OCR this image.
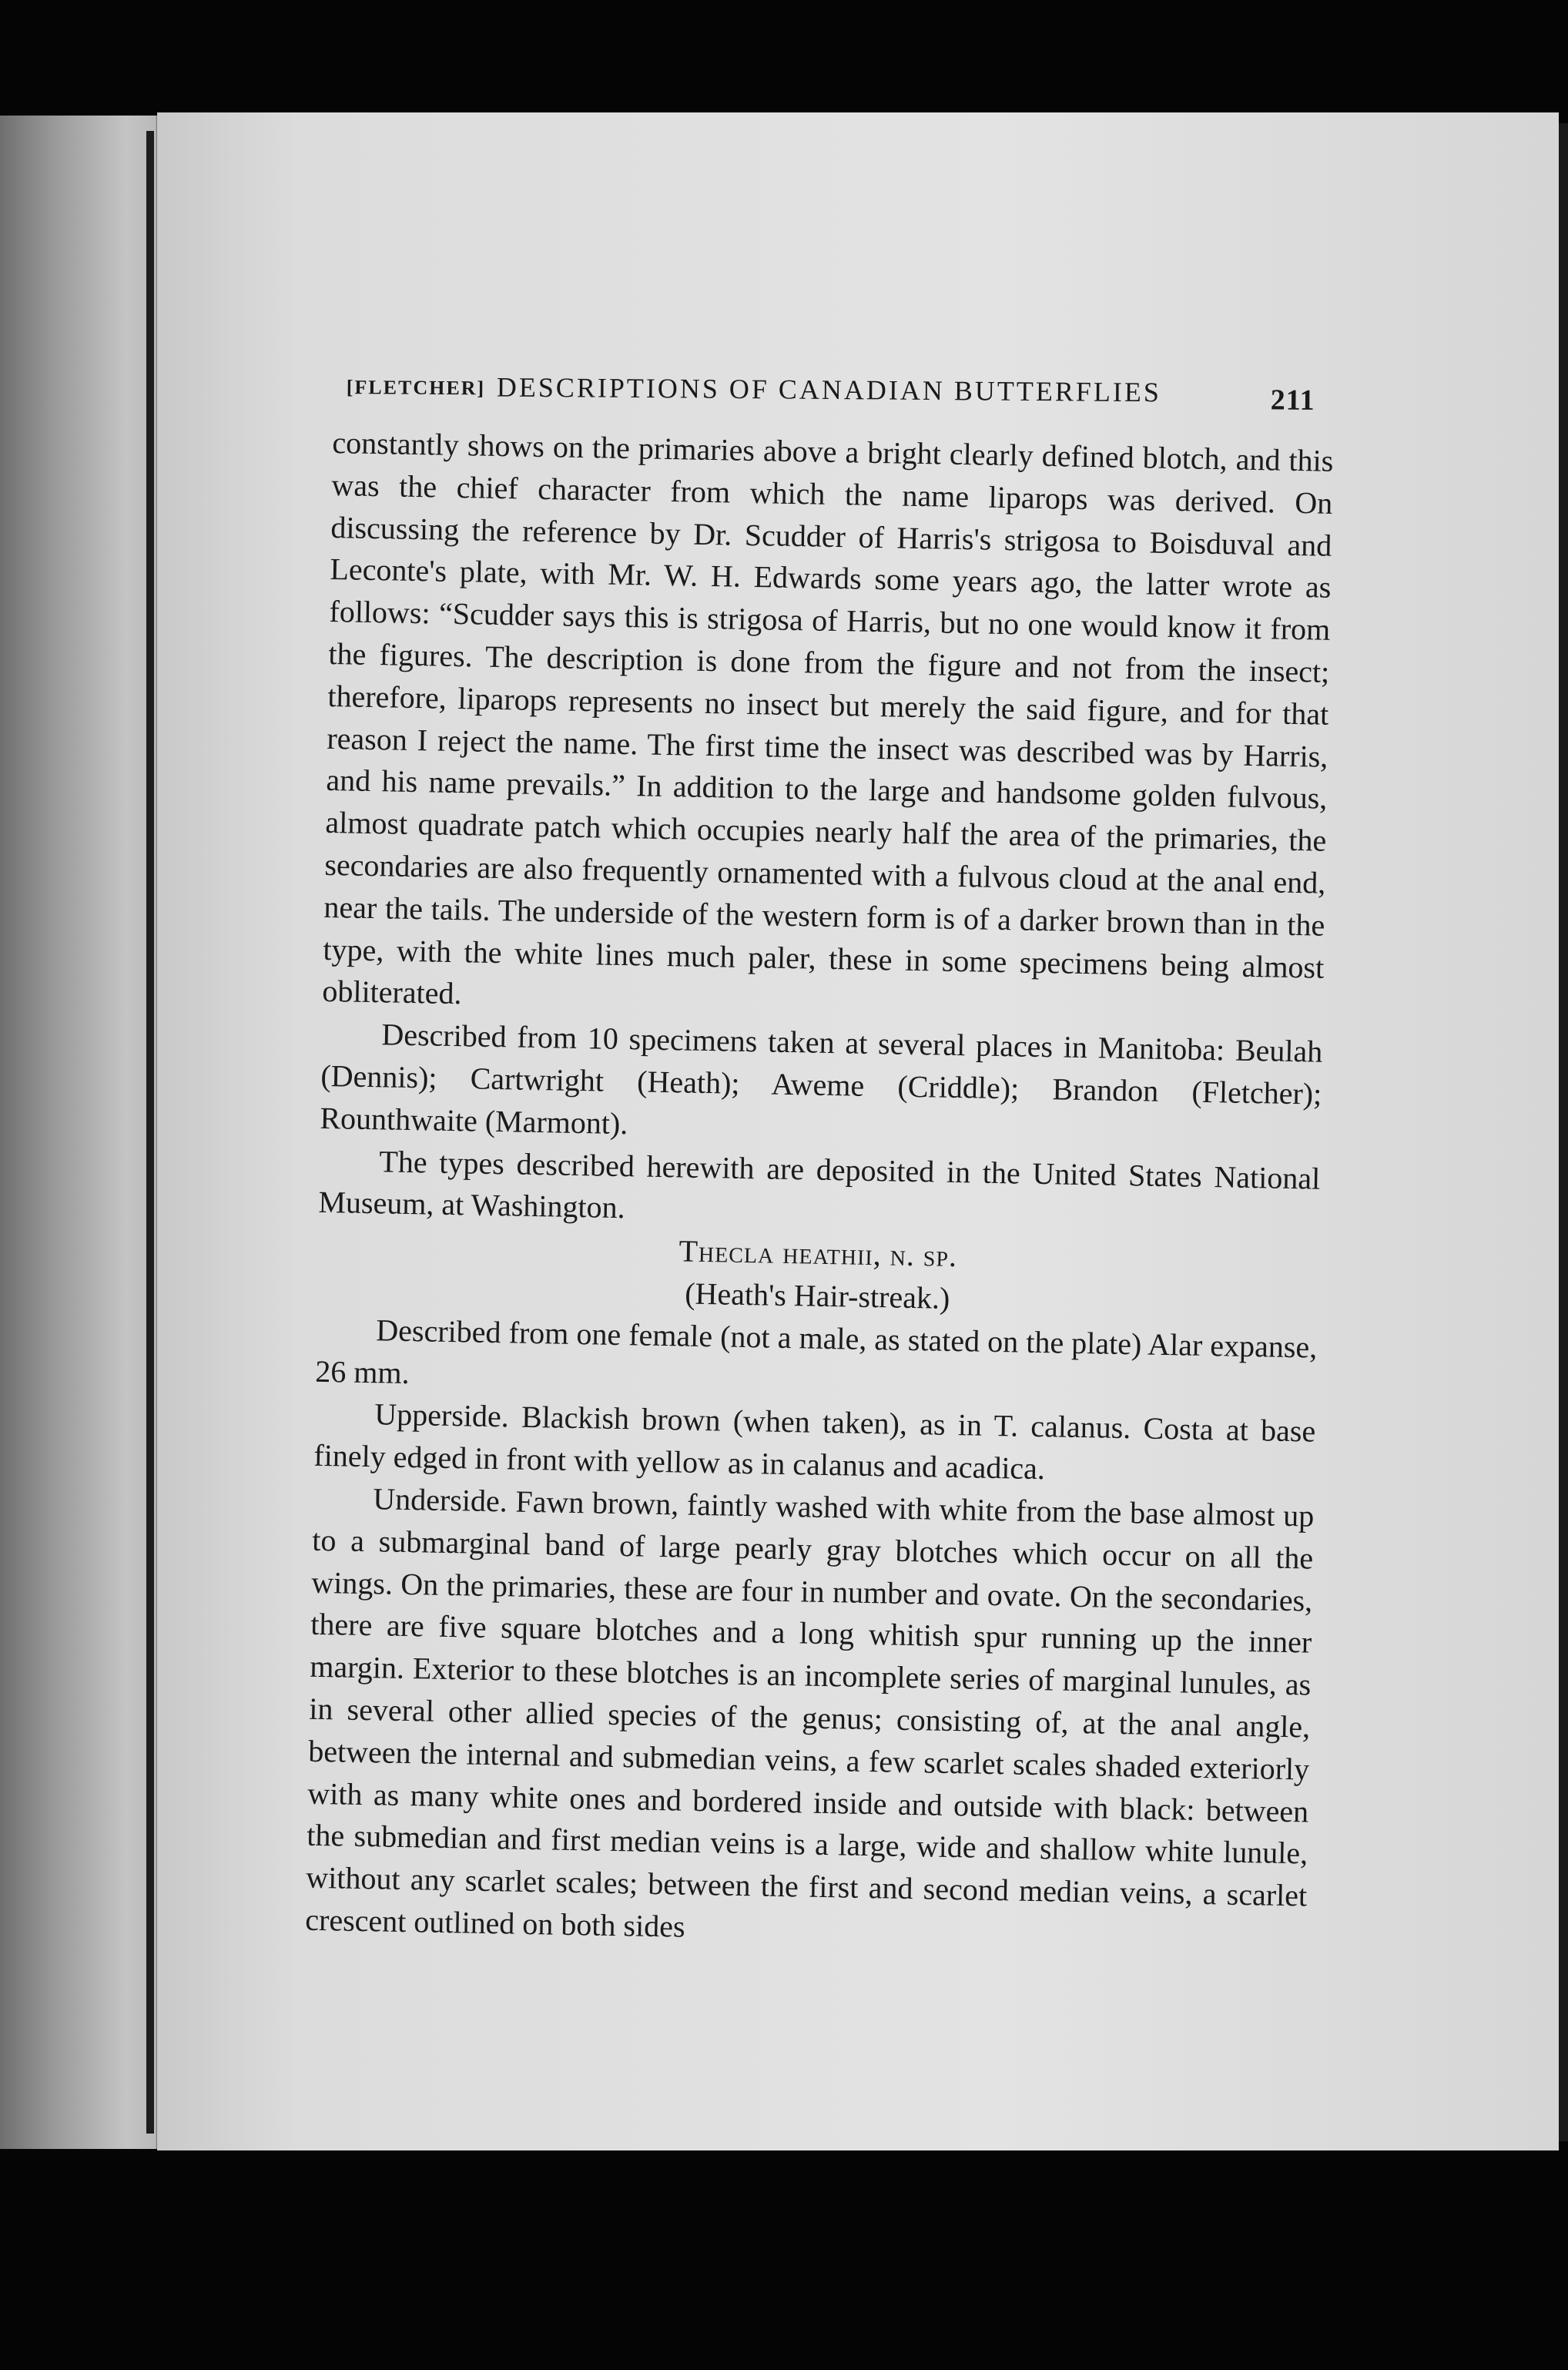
[FLETCHER] DESCRIPTIONS OF CANADIAN BUTTERFLIES	211

constantly shows on the primaries above a bright clearly defined blotch, and this was the chief character from which the name liparops was derived. On discussing the reference by Dr. Scudder of Harris's strigosa to Boisduval and Leconte's plate, with Mr. W. H. Edwards some years ago, the latter wrote as follows: “Scudder says this is strigosa of Harris, but no one would know it from the figures. The description is done from the figure and not from the insect; therefore, liparops represents no insect but merely the said figure, and for that reason I reject the name. The first time the insect was described was by Harris, and his name prevails.” In addition to the large and handsome golden fulvous, almost quadrate patch which occupies nearly half the area of the primaries, the secondaries are also frequently ornamented with a fulvous cloud at the anal end, near the tails. The underside of the western form is of a darker brown than in the type, with the white lines much paler, these in some specimens being almost obliterated.

Described from 10 specimens taken at several places in Manitoba: Beulah (Dennis); Cartwright (Heath); Aweme (Criddle); Brandon (Fletcher); Rounthwaite (Marmont).

The types described herewith are deposited in the United States National Museum, at Washington.

Thecla heathii, n. sp.

(Heath's Hair-streak.)

Described from one female (not a male, as stated on the plate) Alar expanse, 26 mm.

Upperside. Blackish brown (when taken), as in T. calanus. Costa at base finely edged in front with yellow as in calanus and acadica.

Underside. Fawn brown, faintly washed with white from the base almost up to a submarginal band of large pearly gray blotches which occur on all the wings. On the primaries, these are four in number and ovate. On the secondaries, there are five square blotches and a long whitish spur running up the inner margin. Exterior to these blotches is an incomplete series of marginal lunules, as in several other allied species of the genus; consisting of, at the anal angle, between the internal and submedian veins, a few scarlet scales shaded exteriorly with as many white ones and bordered inside and outside with black: between the submedian and first median veins is a large, wide and shallow white lunule, without any scarlet scales; between the first and second median veins, a scarlet crescent outlined on both sides
